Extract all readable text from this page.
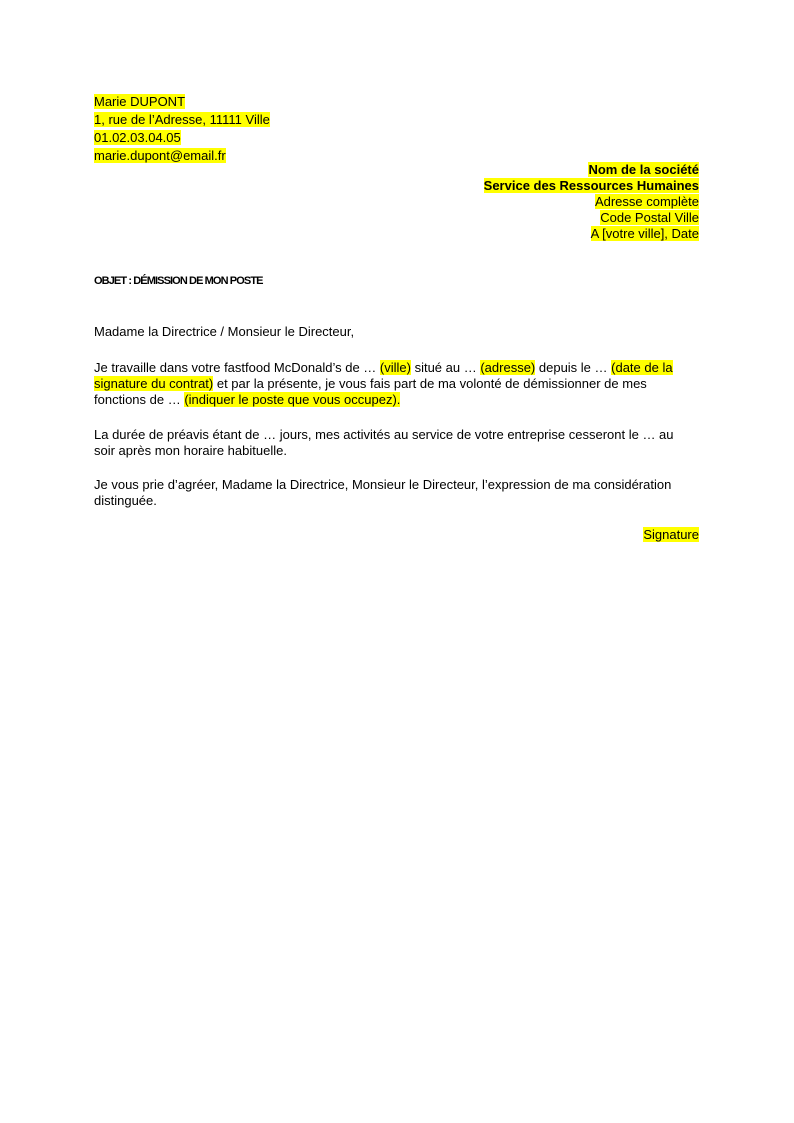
Marie DUPONT
1, rue de l’Adresse, 11111 Ville
01.02.03.04.05
marie.dupont@email.fr
Nom de la société
Service des Ressources Humaines
Adresse complète
Code Postal Ville
A [votre ville], Date
OBJET : DÉMISSION DE MON POSTE
Madame la Directrice / Monsieur le Directeur,
Je travaille dans votre fastfood McDonald’s de … (ville) situé au … (adresse) depuis le … (date de la
signature du contrat) et par la présente, je vous fais part de ma volonté de démissionner de mes
fonctions de … (indiquer le poste que vous occupez).
La durée de préavis étant de … jours, mes activités au service de votre entreprise cesseront le … au
soir après mon horaire habituelle.
Je vous prie d’agréer, Madame la Directrice, Monsieur le Directeur, l’expression de ma considération
distinguée.
Signature
